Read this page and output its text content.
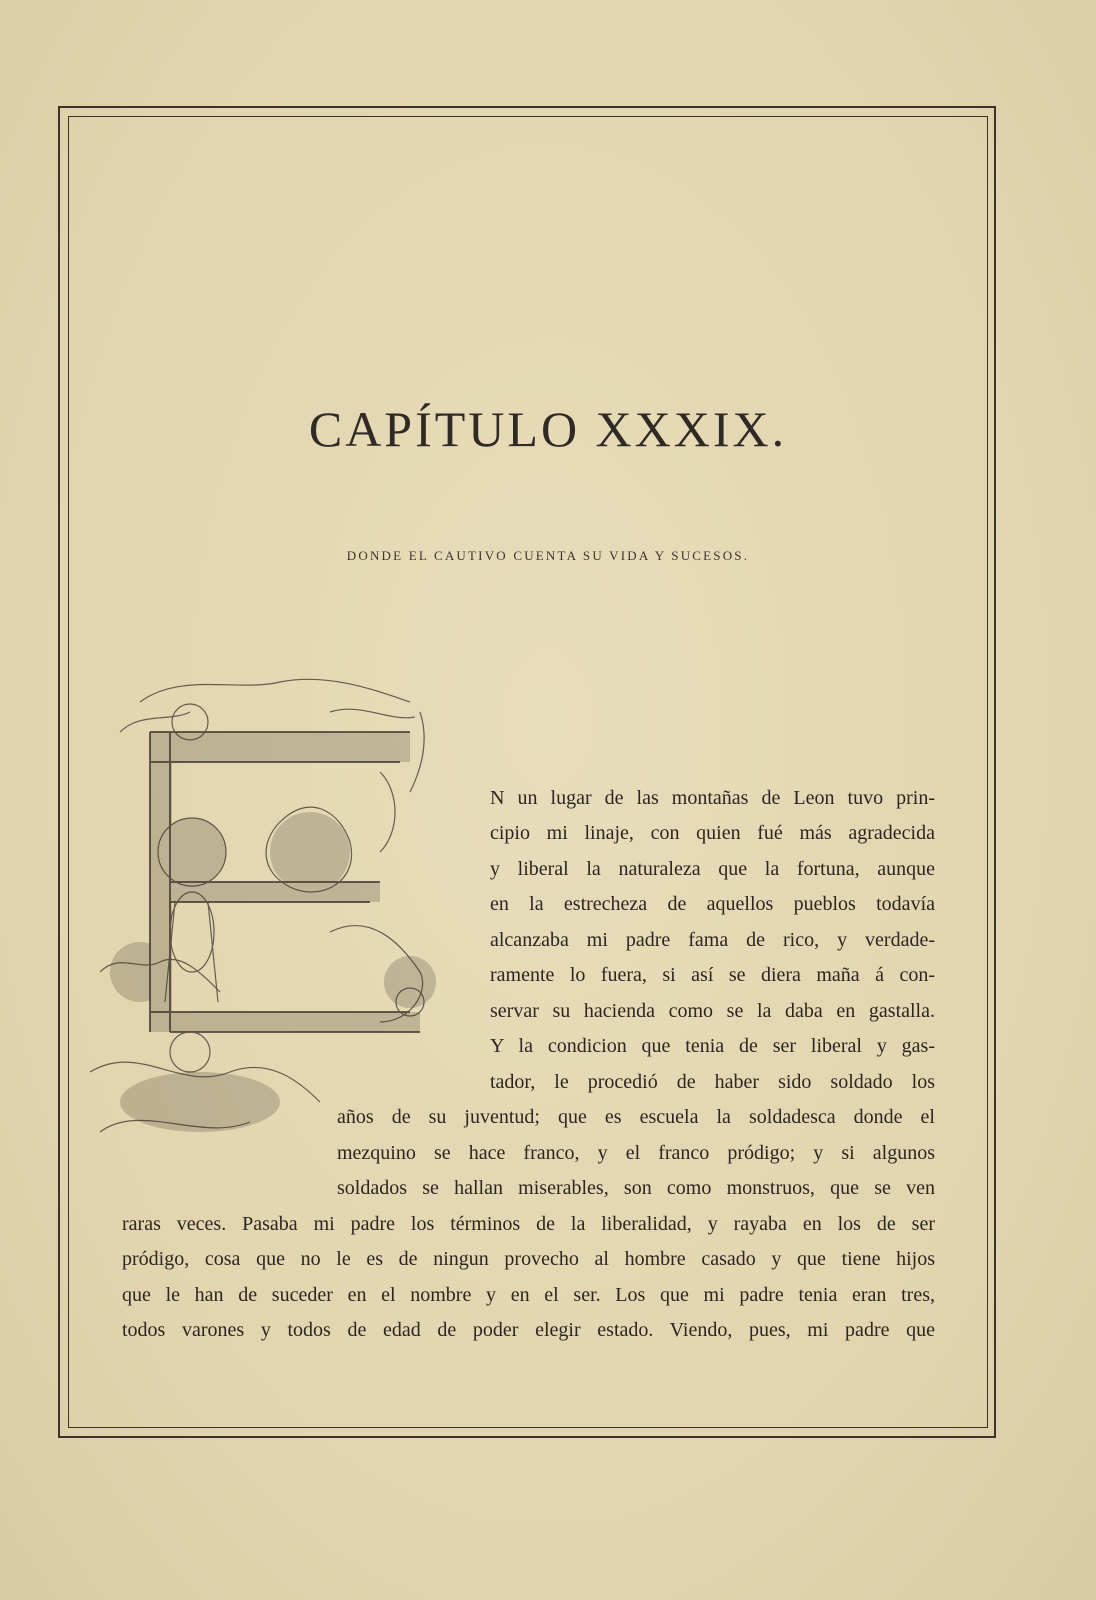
CAPÍTULO XXXIX.
DONDE EL CAUTIVO CUENTA SU VIDA Y SUCESOS.
N un lugar de las montañas de Leon tuvo prin-
cipio mi linaje, con quien fué más agradecida
y liberal la naturaleza que la fortuna, aunque
en la estrecheza de aquellos pueblos todavía
alcanzaba mi padre fama de rico, y verdade-
ramente lo fuera, si así se diera maña á con-
servar su hacienda como se la daba en gastalla.
Y la condicion que tenia de ser liberal y gas-
tador, le procedió de haber sido soldado los
años de su juventud; que es escuela la soldadesca donde el
mezquino se hace franco, y el franco pródigo; y si algunos
soldados se hallan miserables, son como monstruos, que se ven
raras veces. Pasaba mi padre los términos de la liberalidad, y rayaba en los de ser
pródigo, cosa que no le es de ningun provecho al hombre casado y que tiene hijos
que le han de suceder en el nombre y en el ser. Los que mi padre tenia eran tres,
todos varones y todos de edad de poder elegir estado. Viendo, pues, mi padre que
